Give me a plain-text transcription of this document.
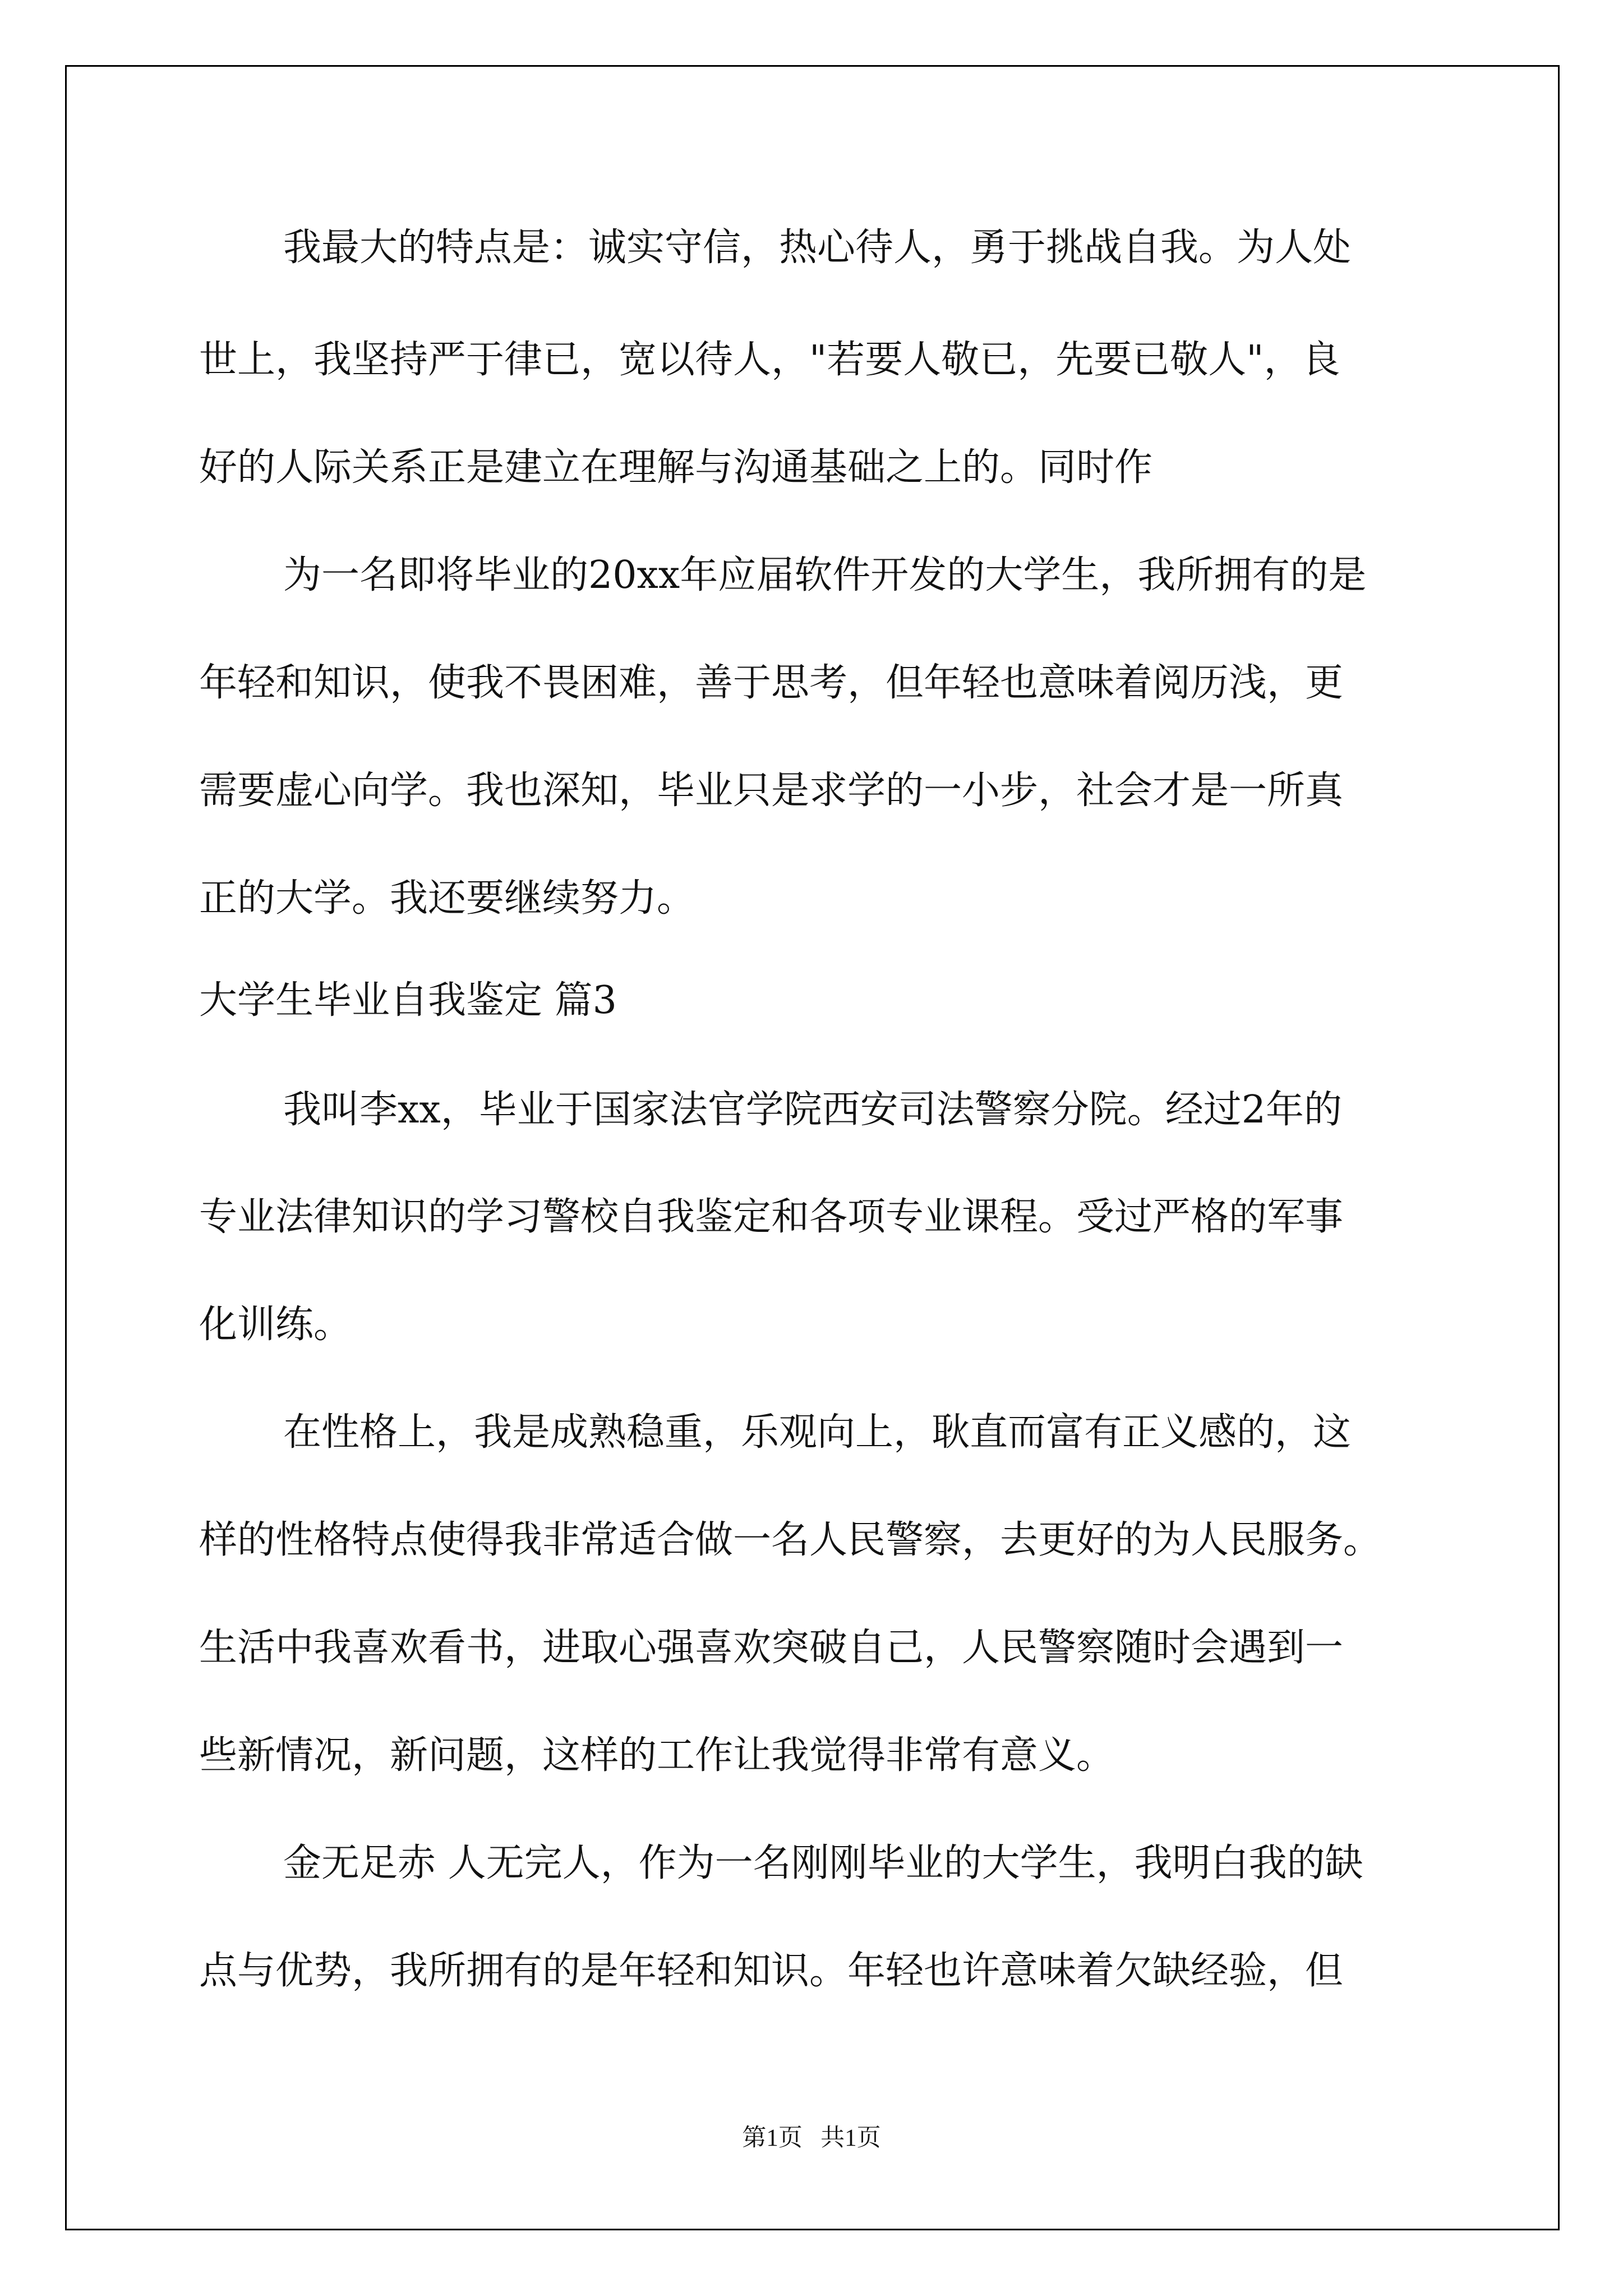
我最大的特点是：诚实守信，热心待人，勇于挑战自我。为人处

世上，我坚持严于律已，宽以待人，"若要人敬已，先要已敬人"，良

好的人际关系正是建立在理解与沟通基础之上的。同时作

为一名即将毕业的20xx年应届软件开发的大学生，我所拥有的是

年轻和知识，使我不畏困难，善于思考，但年轻也意味着阅历浅，更

需要虚心向学。我也深知，毕业只是求学的一小步，社会才是一所真

正的大学。我还要继续努力。

大学生毕业自我鉴定 篇3

我叫李xx，毕业于国家法官学院西安司法警察分院。经过2年的

专业法律知识的学习警校自我鉴定和各项专业课程。受过严格的军事

化训练。

在性格上，我是成熟稳重，乐观向上，耿直而富有正义感的，这

样的性格特点使得我非常适合做一名人民警察，去更好的为人民服务。

生活中我喜欢看书，进取心强喜欢突破自己，人民警察随时会遇到一

些新情况，新问题，这样的工作让我觉得非常有意义。

金无足赤 人无完人，作为一名刚刚毕业的大学生，我明白我的缺

点与优势，我所拥有的是年轻和知识。年轻也许意味着欠缺经验，但

第1页   共1页
